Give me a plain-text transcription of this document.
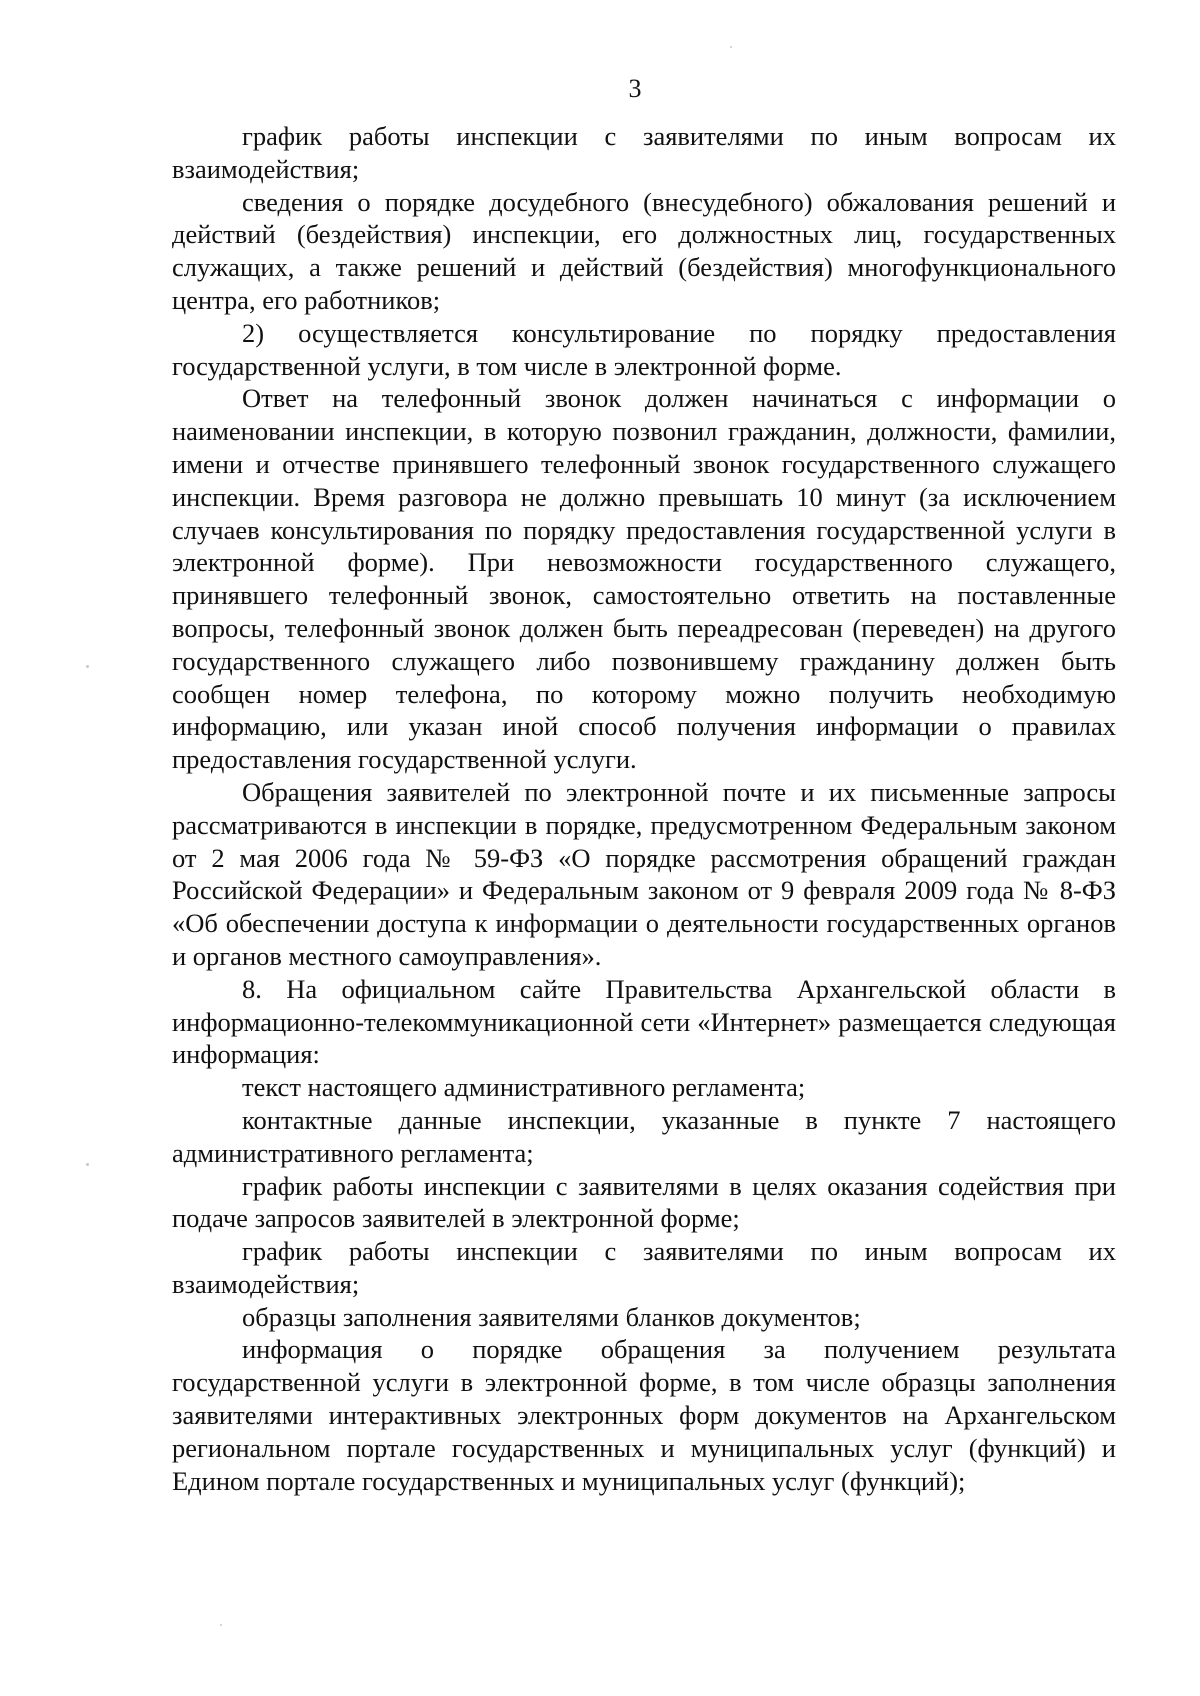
3

график работы инспекции с заявителями по иным вопросам их взаимодействия;

сведения о порядке досудебного (внесудебного) обжалования решений и действий (бездействия) инспекции, его должностных лиц, государственных служащих, а также решений и действий (бездействия) многофункционального центра, его работников;

2) осуществляется консультирование по порядку предоставления государственной услуги, в том числе в электронной форме.

Ответ на телефонный звонок должен начинаться с информации о наименовании инспекции, в которую позвонил гражданин, должности, фамилии, имени и отчестве принявшего телефонный звонок государственного служащего инспекции. Время разговора не должно превышать 10 минут (за исключением случаев консультирования по порядку предоставления государственной услуги в электронной форме). При невозможности государственного служащего, принявшего телефонный звонок, самостоятельно ответить на поставленные вопросы, телефонный звонок должен быть переадресован (переведен) на другого государственного служащего либо позвонившему гражданину должен быть сообщен номер телефона, по которому можно получить необходимую информацию, или указан иной способ получения информации о правилах предоставления государственной услуги.

Обращения заявителей по электронной почте и их письменные запросы рассматриваются в инспекции в порядке, предусмотренном Федеральным законом от 2 мая 2006 года № 59-ФЗ «О порядке рассмотрения обращений граждан Российской Федерации» и Федеральным законом от 9 февраля 2009 года № 8-ФЗ «Об обеспечении доступа к информации о деятельности государственных органов и органов местного самоуправления».

8. На официальном сайте Правительства Архангельской области в информационно-телекоммуникационной сети «Интернет» размещается следующая информация:

текст настоящего административного регламента;

контактные данные инспекции, указанные в пункте 7 настоящего административного регламента;

график работы инспекции с заявителями в целях оказания содействия при подаче запросов заявителей в электронной форме;

график работы инспекции с заявителями по иным вопросам их взаимодействия;

образцы заполнения заявителями бланков документов;

информация о порядке обращения за получением результата государственной услуги в электронной форме, в том числе образцы заполнения заявителями интерактивных электронных форм документов на Архангельском региональном портале государственных и муниципальных услуг (функций) и Едином портале государственных и муниципальных услуг (функций);
